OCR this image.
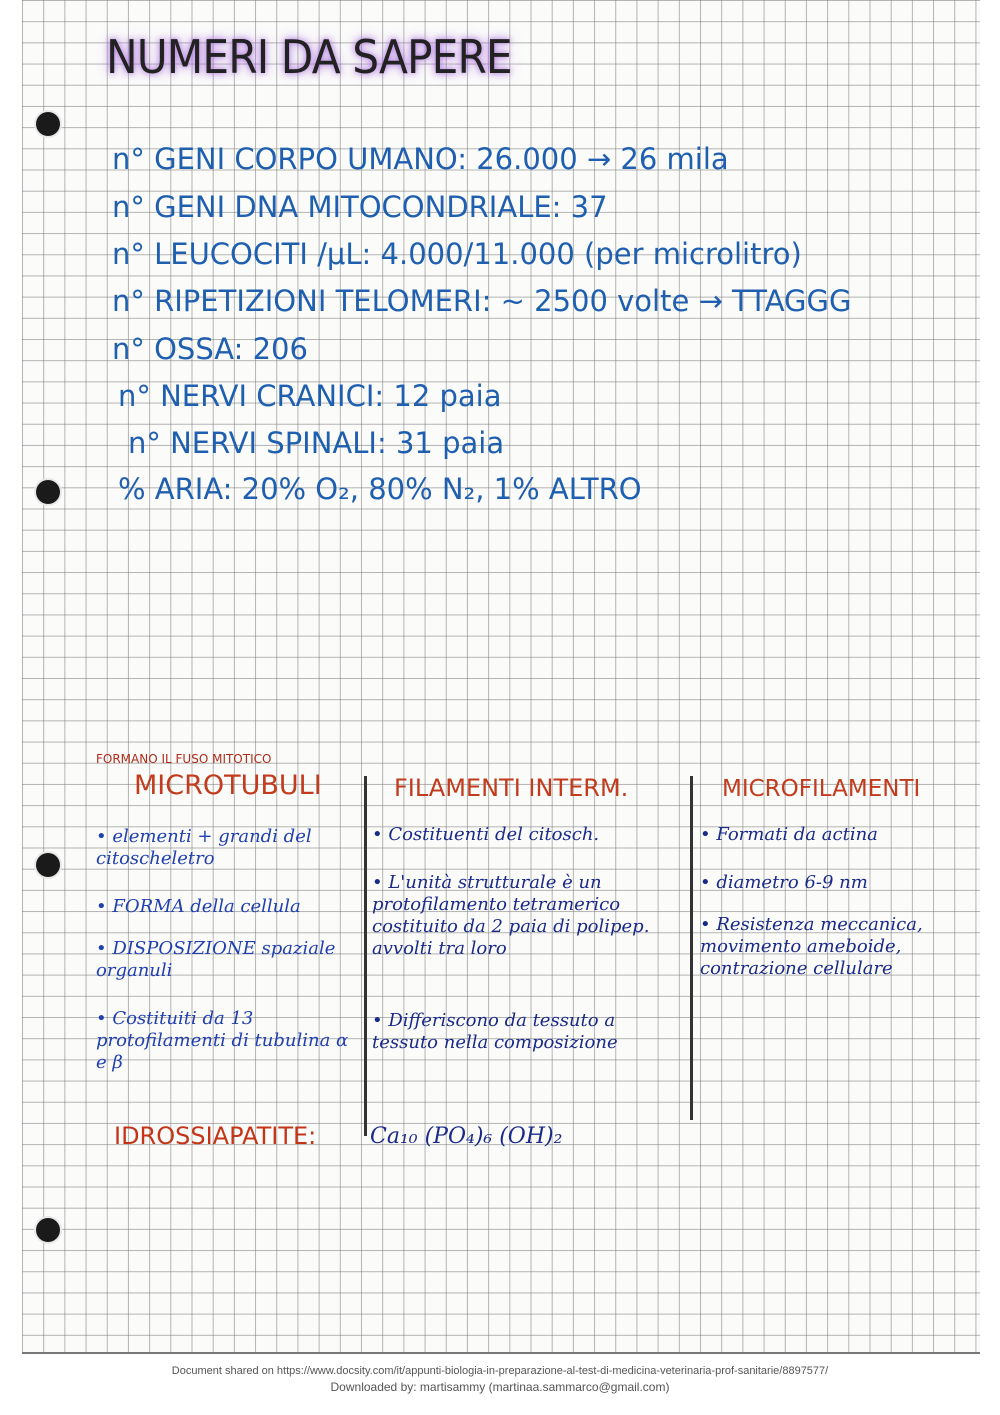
NUMERI DA SAPERE
n° GENI CORPO UMANO: 26.000 → 26 mila
n° GENI DNA MITOCONDRIALE: 37
n° LEUCOCITI /μL: 4.000/11.000 (per microlitro)
n° RIPETIZIONI TELOMERI: ~ 2500 volte → TTAGGG
n° OSSA: 206
n° NERVI CRANICI: 12 paia
n° NERVI SPINALI: 31 paia
% ARIA: 20% O₂, 80% N₂, 1% ALTRO
FORMANO IL FUSO MITOTICO
MICROTUBULI	FILAMENTI INTERM.	MICROFILAMENTI
• elementi + grandi del citoscheletro
• FORMA della cellula
• DISPOSIZIONE spaziale organuli
• Costituiti da 13 protofilamenti di tubulina α e β
• Costituenti del citosch.
• L'unità strutturale è un protofilamento tetramerico costituito da 2 paia di polipep. avvolti tra loro
• Differiscono da tessuto a tessuto nella composizione
• Formati da actina
• diametro 6-9 nm
• Resistenza meccanica, movimento ameboide, contrazione cellulare
IDROSSIAPATITE: Ca₁₀ (PO₄)₆ (OH)₂
Document shared on https://www.docsity.com/it/appunti-biologia-in-preparazione-al-test-di-medicina-veterinaria-prof-sanitarie/8897577/
Downloaded by: martisammy (martinaa.sammarco@gmail.com)
